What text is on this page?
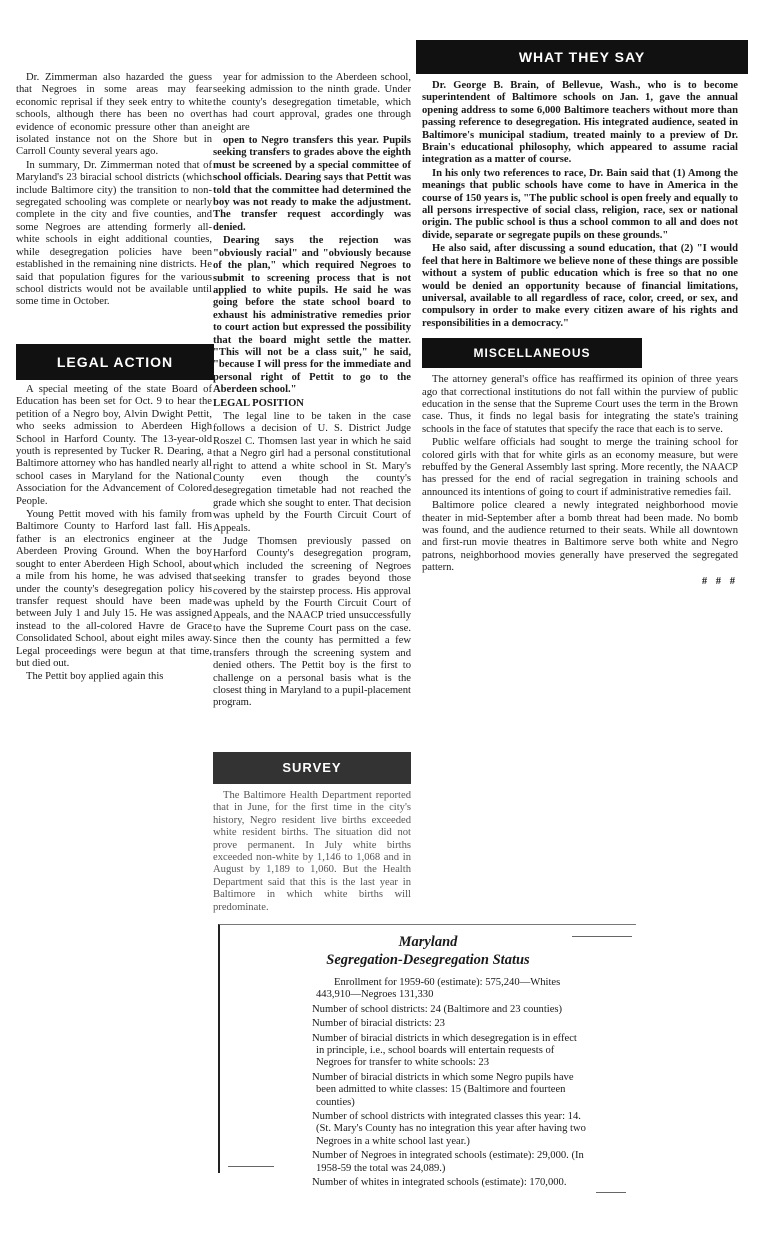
Dr. Zimmerman also hazarded the guess that Negroes in some areas may fear economic reprisal if they seek entry to white schools, although there has been no overt evidence of economic pressure other than an isolated instance not on the Shore but in Carroll County several years ago.

In summary, Dr. Zimmerman noted that of Maryland's 23 biracial school districts (which include Baltimore city) the transition to non-segregated schooling was complete or nearly complete in the city and five counties, and some Negroes are attending formerly all-white schools in eight additional counties, while desegregation policies have been established in the remaining nine districts. He said that population figures for the various school districts would not be available until some time in October.

LEGAL ACTION

A special meeting of the state Board of Education has been set for Oct. 9 to hear the petition of a Negro boy, Alvin Dwight Pettit, who seeks admission to Aberdeen High School in Harford County. The 13-year-old youth is represented by Tucker R. Dearing, a Baltimore attorney who has handled nearly all school cases in Maryland for the National Association for the Advancement of Colored People.

Young Pettit moved with his family from Baltimore County to Harford last fall. His father is an electronics engineer at the Aberdeen Proving Ground. When the boy sought to enter Aberdeen High School, about a mile from his home, he was advised that under the county's desegregation policy his transfer request should have been made between July 1 and July 15. He was assigned instead to the all-colored Havre de Grace Consolidated School, about eight miles away. Legal proceedings were begun at that time, but died out.

The Pettit boy applied again this

year for admission to the Aberdeen school, seeking admission to the ninth grade. Under the county's desegregation timetable, which has had court approval, grades one through eight are

open to Negro transfers this year. Pupils seeking transfers to grades above the eighth must be screened by a special committee of school officials. Dearing says that Pettit was told that the committee had determined the boy was not ready to make the adjustment. The transfer request accordingly was denied.

Dearing says the rejection was "obviously racial" and "obviously because of the plan," which required Negroes to submit to screening process that is not applied to white pupils. He said he was going before the state school board to exhaust his administrative remedies prior to court action but expressed the possibility that the board might settle the matter. "This will not be a class suit," he said, "because I will press for the immediate and personal right of Pettit to go to the Aberdeen school."

LEGAL POSITION

The legal line to be taken in the case follows a decision of U. S. District Judge Roszel C. Thomsen last year in which he said that a Negro girl had a personal constitutional right to attend a white school in St. Mary's County even though the county's desegregation timetable had not reached the grade which she sought to enter. That decision was upheld by the Fourth Circuit Court of Appeals.

Judge Thomsen previously passed on Harford County's desegregation program, which included the screening of Negroes seeking transfer to grades beyond those covered by the stairstep process. His approval was upheld by the Fourth Circuit Court of Appeals, and the NAACP tried unsuccessfully to have the Supreme Court pass on the case. Since then the county has permitted a few transfers through the screening system and denied others. The Pettit boy is the first to challenge on a personal basis what is the closest thing in Maryland to a pupil-placement program.

SURVEY

The Baltimore Health Department reported that in June, for the first time in the city's history, Negro resident live births exceeded white resident births. The situation did not prove permanent. In July white births exceeded non-white by 1,146 to 1,068 and in August by 1,189 to 1,060. But the Health Department said that this is the last year in Baltimore in which white births will predominate.

WHAT THEY SAY

Dr. George B. Brain, of Bellevue, Wash., who is to become superintendent of Baltimore schools on Jan. 1, gave the annual opening address to some 6,000 Baltimore teachers without more than passing reference to desegregation. His integrated audience, seated in Baltimore's municipal stadium, treated mainly to a preview of Dr. Brain's educational philosophy, which appeared to assume racial integration as a matter of course.

In his only two references to race, Dr. Bain said that (1) Among the meanings that public schools have come to have in America in the course of 150 years is, "The public school is open freely and equally to all persons irrespective of social class, religion, race, sex or national origin. The public school is thus a school common to all and does not divide, separate or segregate pupils on these grounds."

He also said, after discussing a sound education, that (2) "I would feel that here in Baltimore we believe none of these things are possible without a system of public education which is free so that no one would be denied an opportunity because of financial limitations, universal, available to all regardless of race, color, creed, or sex, and compulsory in order to make every citizen aware of his rights and responsibilities in a democracy."

MISCELLANEOUS

The attorney general's office has reaffirmed its opinion of three years ago that correctional institutions do not fall within the purview of public education in the sense that the Supreme Court uses the term in the Brown case. Thus, it finds no legal basis for integrating the state's training schools in the face of statutes that specify the race that each is to serve.

Public welfare officials had sought to merge the training school for colored girls with that for white girls as an economy measure, but were rebuffed by the General Assembly last spring. More recently, the NAACP has pressed for the end of racial segregation in training schools and announced its intentions of going to court if administrative remedies fail.

Baltimore police cleared a newly integrated neighborhood movie theater in mid-September after a bomb threat had been made. No bomb was found, and the audience returned to their seats. While all downtown and first-run movie theatres in Baltimore serve both white and Negro patrons, neighborhood movies generally have preserved the segregated pattern.

# # #

Maryland
Segregation-Desegregation Status
Enrollment for 1959-60 (estimate): 575,240—Whites 443,910—Negroes 131,330
Number of school districts: 24 (Baltimore and 23 counties)
Number of biracial districts: 23
Number of biracial districts in which desegregation is in effect in principle, i.e., school boards will entertain requests of Negroes for transfer to white schools: 23
Number of biracial districts in which some Negro pupils have been admitted to white classes: 15 (Baltimore and fourteen counties)
Number of school districts with integrated classes this year: 14. (St. Mary's County has no integration this year after having two Negroes in a white school last year.)
Number of Negroes in integrated schools (estimate): 29,000. (In 1958-59 the total was 24,089.)
Number of whites in integrated schools (estimate): 170,000.
